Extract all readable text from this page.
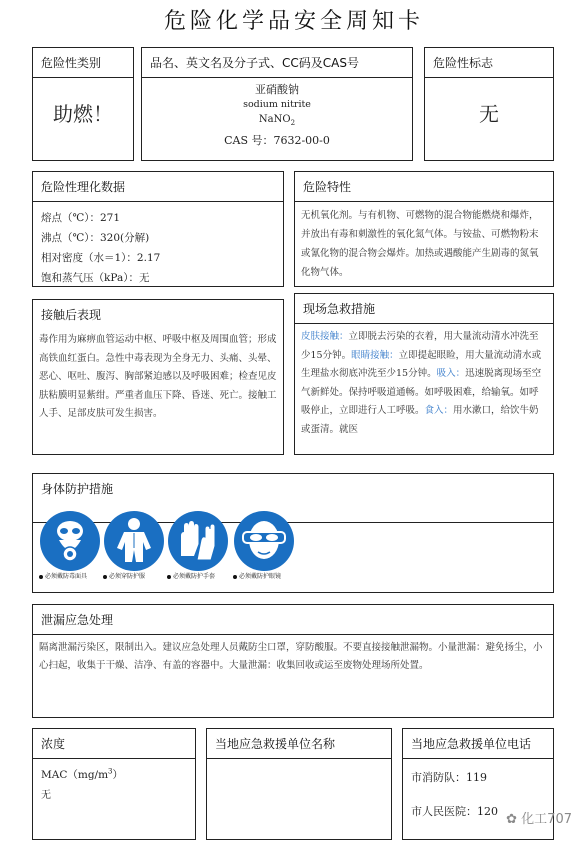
危险化学品安全周知卡
危险性类别
助燃！
品名、英文名及分子式、CC码及CAS号
亚硝酸钠
sodium nitrite
NaNO$_2$
CAS 号：7632-00-0
危险性标志
无
危险性理化数据
熔点（℃）：271
沸点（℃）：320(分解)
相对密度（水＝1）：2.17
饱和蒸气压（kPa）：无
危险特性
无机氧化剂。与有机物、可燃物的混合物能燃烧和爆炸，并放出有毒和刺激性的氧化氮气体。与铵盐、可燃物粉末或氰化物的混合物会爆炸。加热或遇酸能产生剧毒的氮氧化物气体。
接触后表现
毒作用为麻痹血管运动中枢、呼吸中枢及周围血管；形成高铁血红蛋白。急性中毒表现为全身无力、头痛、头晕、恶心、呕吐、腹泻、胸部紧迫感以及呼吸困难；检查见皮肤粘膜明显紫绀。严重者血压下降、昏迷、死亡。接触工人手、足部皮肤可发生损害。
现场急救措施
皮肤接触：立即脱去污染的衣着，用大量流动清水冲洗至少15分钟。眼睛接触：立即提起眼睑，用大量流动清水或生理盐水彻底冲洗至少15分钟。吸入：迅速脱离现场至空气新鲜处。保持呼吸道通畅。如呼吸困难，给输氧。如呼吸停止，立即进行人工呼吸。食入：用水漱口，给饮牛奶或蛋清。就医
身体防护措施
必须戴防毒面具	必须穿防护服	必须戴防护手套	必须戴防护眼镜
泄漏应急处理
隔离泄漏污染区，限制出入。建议应急处理人员戴防尘口罩，穿防酸服。不要直接接触泄漏物。小量泄漏：避免扬尘，小心扫起，收集于干燥、洁净、有盖的容器中。大量泄漏：收集回收或运至废物处理场所处置。
浓度
$MAC(mg/m^3)$
无
当地应急救援单位名称	当地应急救援单位电话
市消防队：119
市人民医院：120
✿ 化工707
